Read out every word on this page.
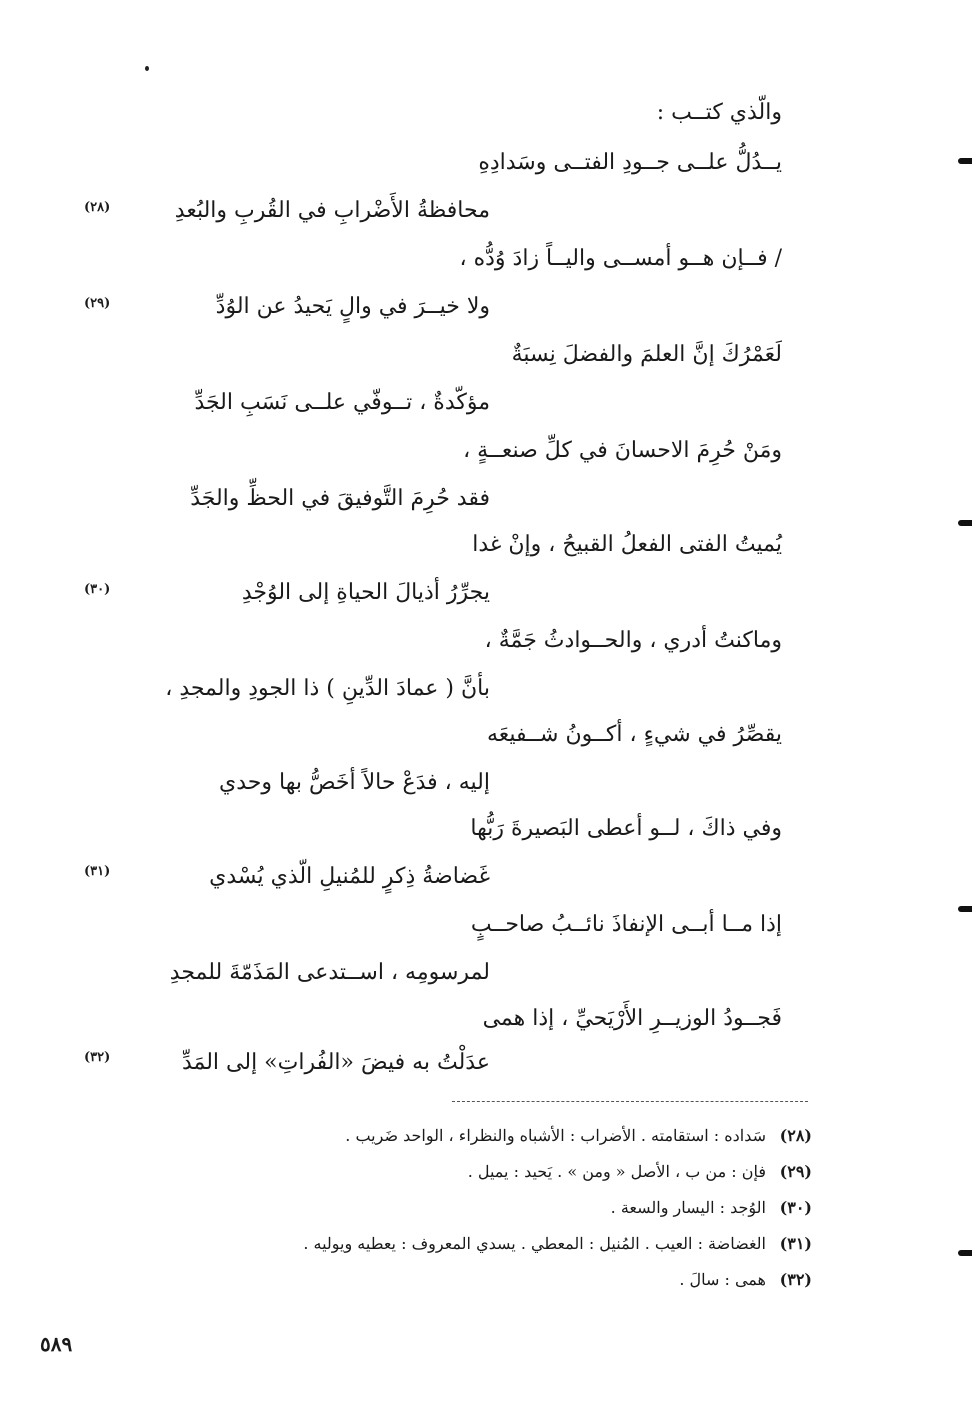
والّذي كتــب :
يــدُلُّ علــى جــودِ الفتــى وسَدادِهِ
محافظةُ الأَضْرابِ في القُربِ والبُعدِ
(٢٨)
/ فــإن هــو أمســى واليــاً زادَ وُدُّه ،
ولا خيــرَ في والٍ يَحيدُ عن الوُدِّ
(٢٩)
لَعَمْرُكَ إنَّ العلمَ والفضلَ نِسبَةٌ
مؤكّدةٌ ، تــوفّي علــى نَسَبِ الجَدِّ
ومَنْ حُرِمَ الاحسانَ في كلِّ صنعــةٍ ،
فقد حُرِمَ التَّوفيقَ في الحظِّ والجَدِّ
يُميتُ الفتى الفعلُ القبيحُ ، وإنْ غدا
يجرِّرُ أذيالَ الحياةِ إلى الوُجْدِ
(٣٠)
وماكنتُ أدري ، والحــوادثُ جَمَّةٌ ،
بأنَّ ( عمادَ الدِّينِ ) ذا الجودِ والمجدِ ،
يقصِّرُ في شيءٍ ، أكــونُ شــفيعَه
إليه ، فدَعْ حالاً أخَصُّ بها وحدي
وفي ذاكَ ، لــو أعطى البَصيرةَ رَبُّها
غَضاضةُ ذِكرٍ للمُنيلِ الّذي يُسْدي
(٣١)
إذا مــا أبــى الإنفاذَ نائــبُ صاحــبٍ
لمرسومِه ، اســتدعى المَذَمّةَ للمجدِ
فَجــودُ الوزيــرِ الأَرْيَحيِّ ، إذا همى
عدَلْتُ به فيضَ «الفُراتِ» إلى المَدِّ
(٣٢)
(٢٨)
سَداده : استقامته . الأضراب : الأشباه والنظراء ، الواحد ضَريب .
(٢٩)
فإن : من ب ، الأصل « ومن » . يَحيد : يميل .
(٣٠)
الوُجد : اليسار والسعة .
(٣١)
الغضاضة : العيب . المُنيل : المعطي . يسدي المعروف : يعطيه ويوليه .
(٣٢)
همى : سالَ .
٥٨٩
